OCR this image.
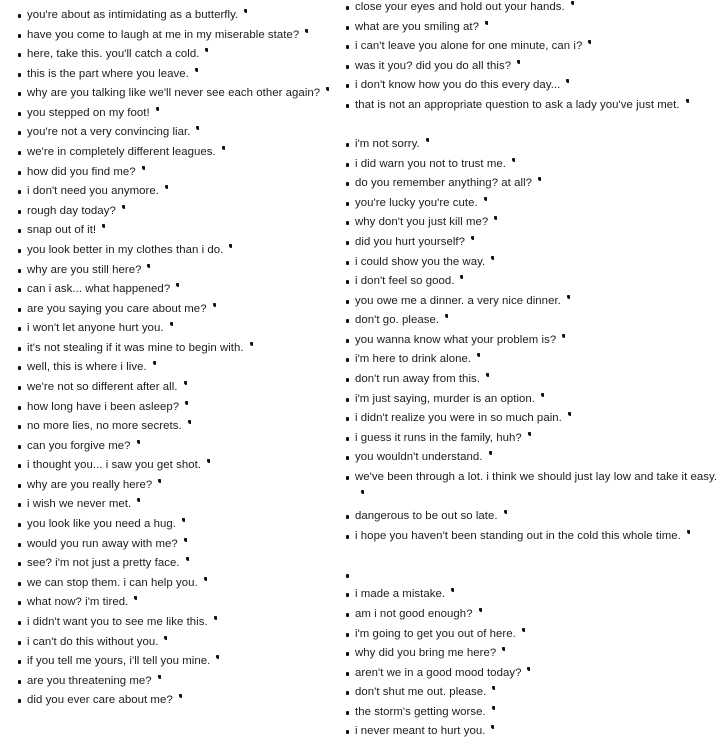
you're about as intimidating as a butterfly.
have you come to laugh at me in my miserable state?
here, take this. you'll catch a cold.
this is the part where you leave.
why are you talking like we'll never see each other again?
you stepped on my foot!
you're not a very convincing liar.
we're in completely different leagues.
how did you find me?
i don't need you anymore.
rough day today?
snap out of it!
you look better in my clothes than i do.
why are you still here?
can i ask... what happened?
are you saying you care about me?
i won't let anyone hurt you.
it's not stealing if it was mine to begin with.
well, this is where i live.
we're not so different after all.
how long have i been asleep?
no more lies, no more secrets.
can you forgive me?
i thought you... i saw you get shot.
why are you really here?
i wish we never met.
you look like you need a hug.
would you run away with me?
see? i'm not just a pretty face.
we can stop them. i can help you.
what now? i'm tired.
i didn't want you to see me like this.
i can't do this without you.
if you tell me yours, i'll tell you mine.
are you threatening me?
did you ever care about me?
close your eyes and hold out your hands.
what are you smiling at?
i can't leave you alone for one minute, can i?
was it you? did you do all this?
i don't know how you do this every day...
that is not an appropriate question to ask a lady you've just met.
i'm not sorry.
i did warn you not to trust me.
do you remember anything? at all?
you're lucky you're cute.
why don't you just kill me?
did you hurt yourself?
i could show you the way.
i don't feel so good.
you owe me a dinner. a very nice dinner.
don't go. please.
you wanna know what your problem is?
i'm here to drink alone.
don't run away from this.
i'm just saying, murder is an option.
i didn't realize you were in so much pain.
i guess it runs in the family, huh?
you wouldn't understand.
we've been through a lot. i think we should just lay low and take it easy.
dangerous to be out so late.
i hope you haven't been standing out in the cold this whole time.
i made a mistake.
am i not good enough?
i'm going to get you out of here.
why did you bring me here?
aren't we in a good mood today?
don't shut me out. please.
the storm's getting worse.
i never meant to hurt you.
